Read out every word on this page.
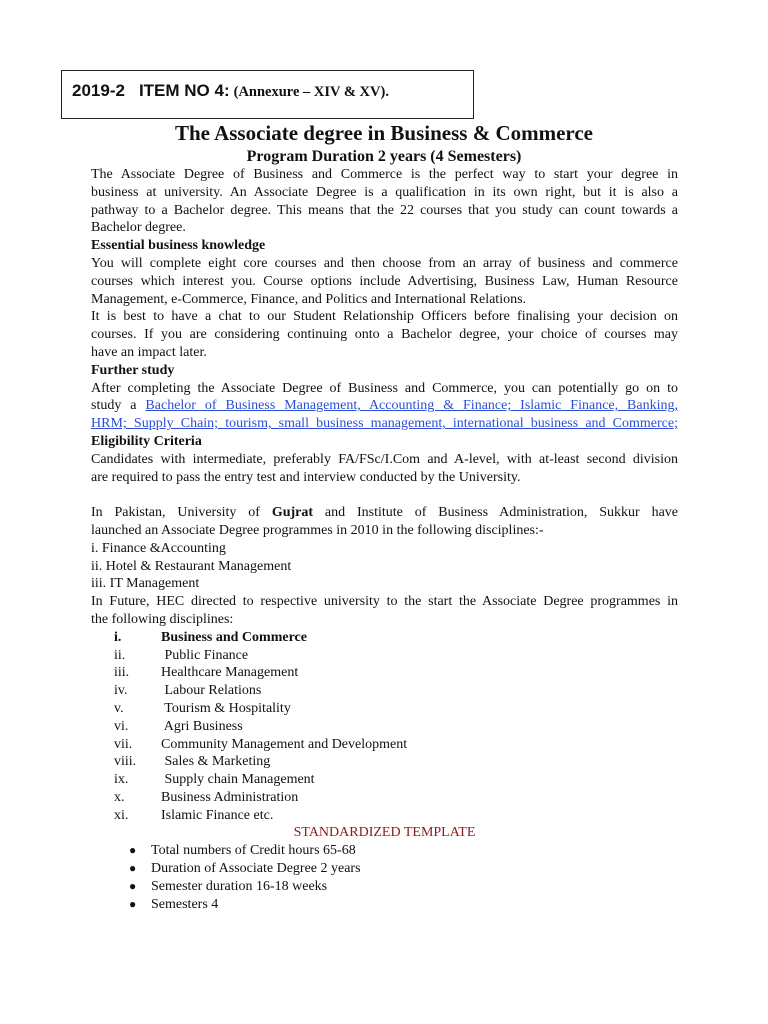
2019-2 ITEM NO 4: (Annexure – XIV & XV).
The Associate degree in Business & Commerce
Program Duration 2 years (4 Semesters)

The Associate Degree of Business and Commerce is the perfect way to start your degree in

business at university. An Associate Degree is a qualification in its own right, but it is also a

pathway to a Bachelor degree. This means that the 22 courses that you study can count towards a

Bachelor degree.

Essential business knowledge

You will complete eight core courses and then choose from an array of business and commerce

courses which interest you. Course options include Advertising, Business Law, Human Resource

Management, e-Commerce, Finance, and Politics and International Relations.

It is best to have a chat to our Student Relationship Officers before finalising your decision on

courses. If you are considering continuing onto a Bachelor degree, your choice of courses may

have an impact later.

Further study

After completing the Associate Degree of Business and Commerce, you can potentially go on to

study a Bachelor of Business Management, Accounting & Finance; Islamic Finance, Banking,

HRM; Supply Chain; tourism, small business management, international business and Commerce;

Eligibility Criteria

Candidates with intermediate, preferably FA/FSc/I.Com and A-level, with at-least second division

are required to pass the entry test and interview conducted by the University.

In Pakistan, University of Gujrat and Institute of Business Administration, Sukkur have

launched an Associate Degree programmes in 2010 in the following disciplines:-

i. Finance &Accounting

ii. Hotel & Restaurant Management

iii. IT Management

In Future, HEC directed to respective university to the start the Associate Degree programmes in

the following disciplines:

i.	Business and Commerce
ii.	Public Finance
iii.	Healthcare Management
iv.	Labour Relations
v.	Tourism & Hospitality
vi.	Agri Business
vii.	Community Management and Development
viii.	Sales & Marketing
ix.	Supply chain Management
x.	Business Administration
xi.	Islamic Finance etc.

STANDARDIZED TEMPLATE

●	Total numbers of Credit hours 65-68
●	Duration of Associate Degree 2 years
●	Semester duration 16-18 weeks
●	Semesters 4
